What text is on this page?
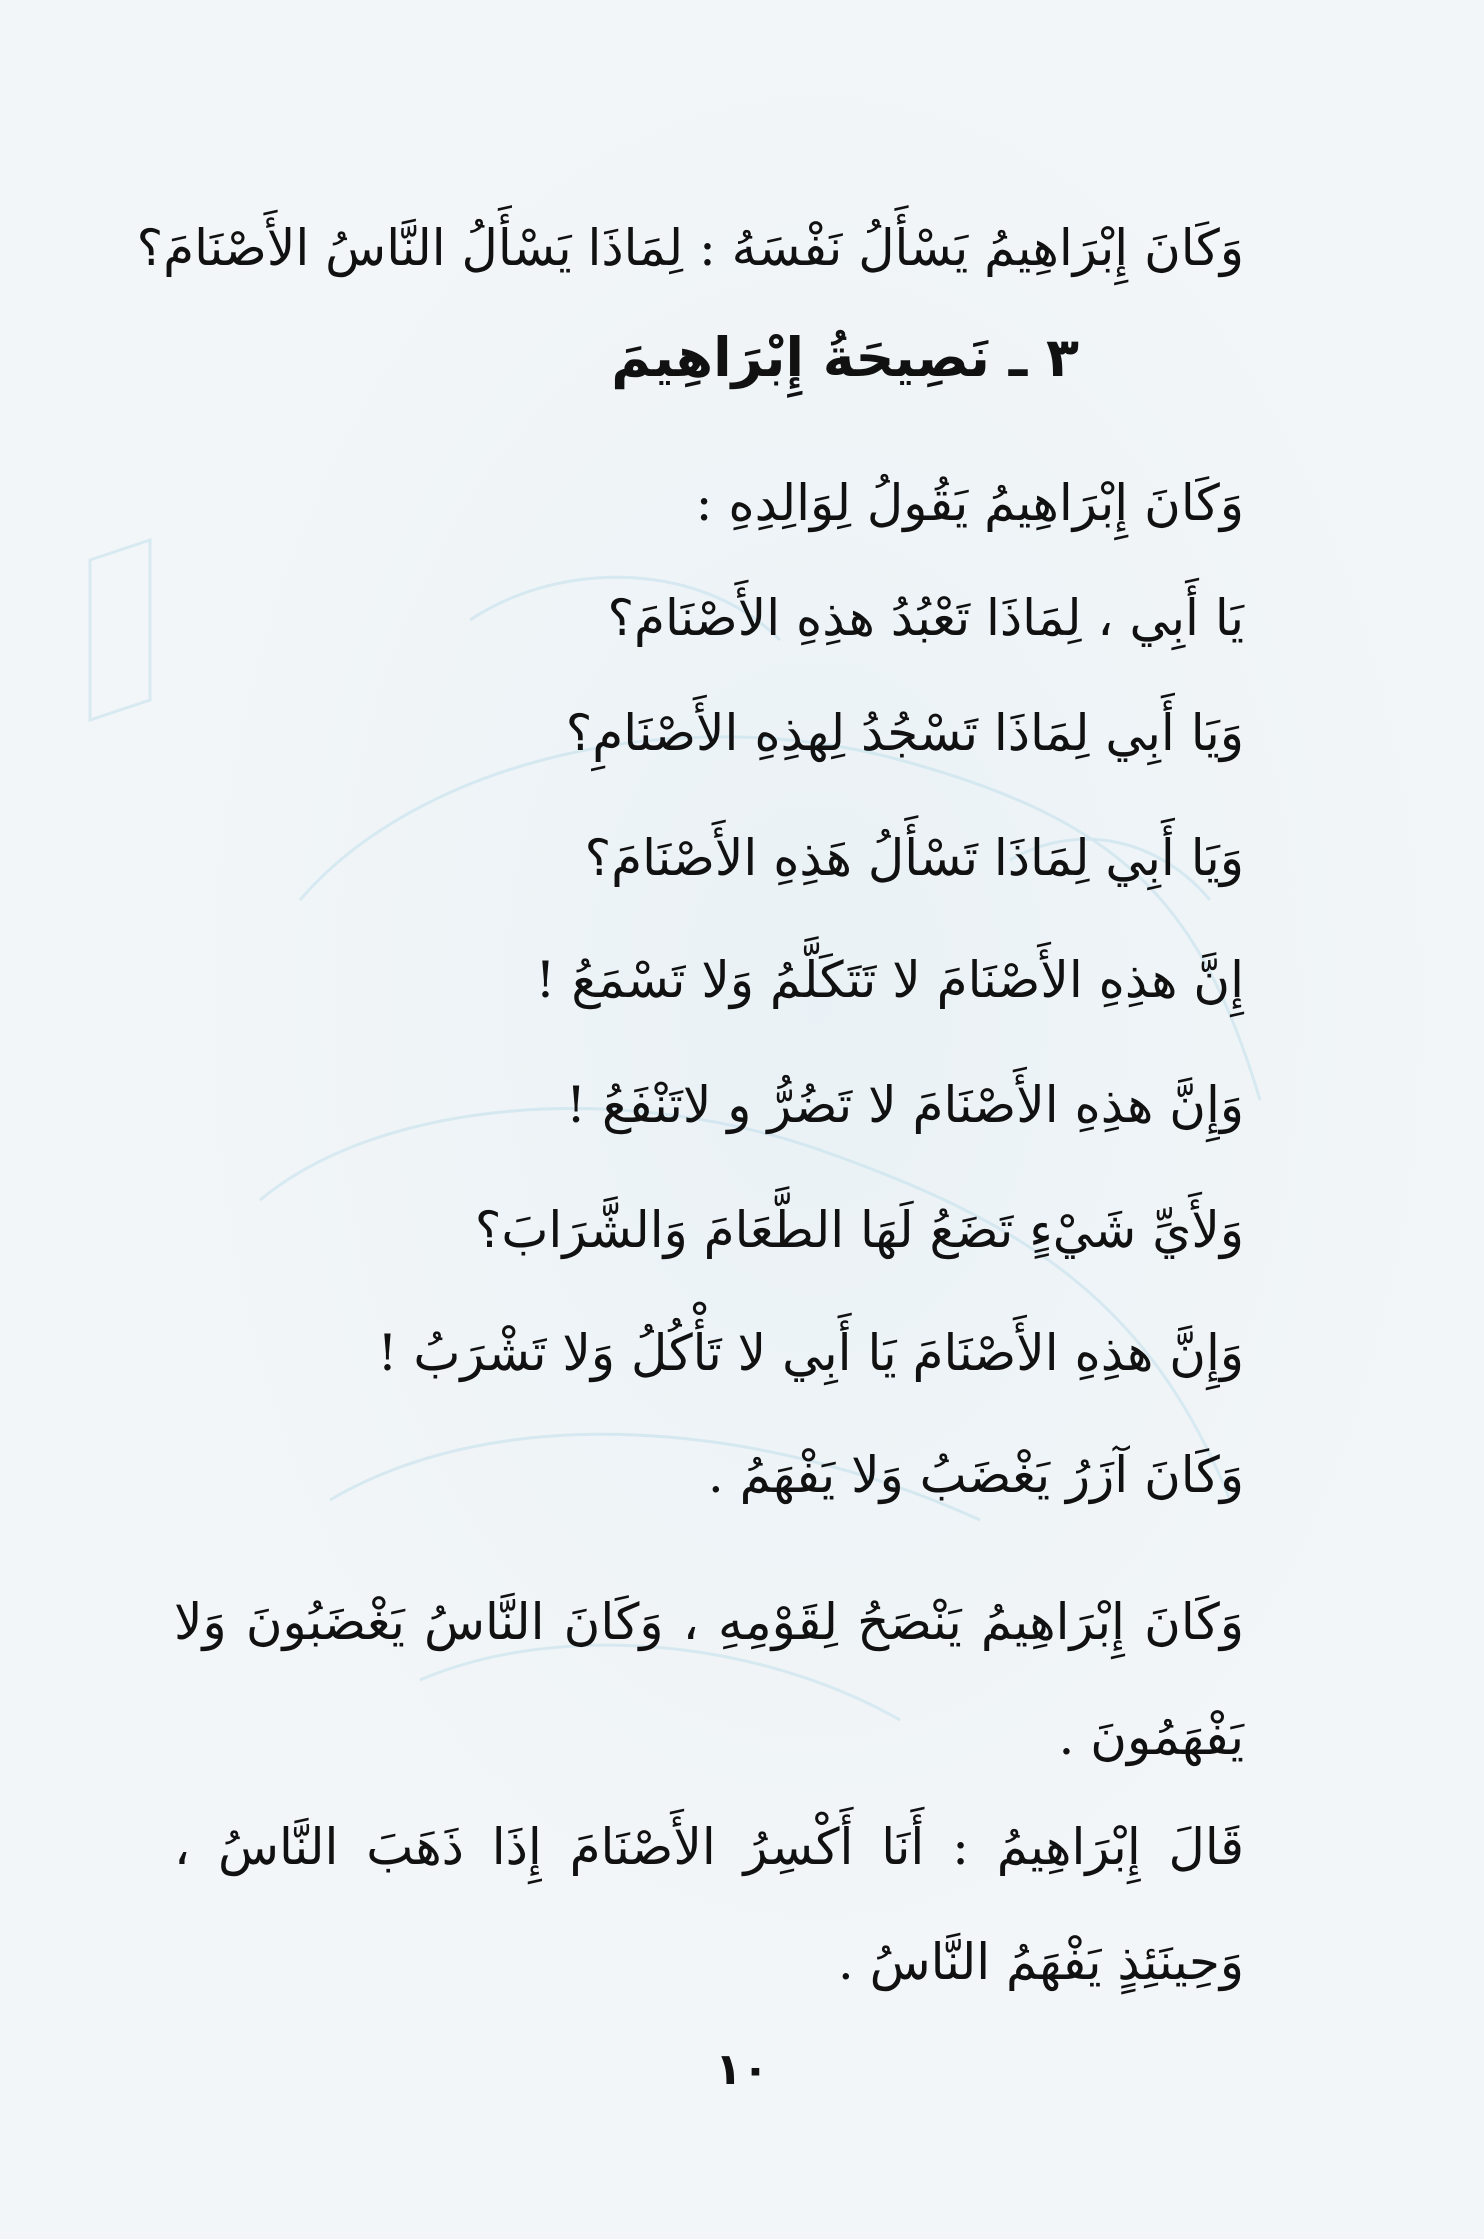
وَكَانَ إِبْرَاهِيمُ يَسْأَلُ نَفْسَهُ : لِمَاذَا يَسْأَلُ النَّاسُ الأَصْنَامَ؟
٣ ـ نَصِيحَةُ إِبْرَاهِيمَ
وَكَانَ إِبْرَاهِيمُ يَقُولُ لِوَالِدِهِ :
يَا أَبِي ، لِمَاذَا تَعْبُدُ هذِهِ الأَصْنَامَ؟
وَيَا أَبِي لِمَاذَا تَسْجُدُ لِهذِهِ الأَصْنَامِ؟
وَيَا أَبِي لِمَاذَا تَسْأَلُ هَذِهِ الأَصْنَامَ؟
إِنَّ هذِهِ الأَصْنَامَ لا تَتَكَلَّمُ وَلا تَسْمَعُ !
وَإِنَّ هذِهِ الأَصْنَامَ لا تَضُرُّ و لاتَنْفَعُ !
وَلأَيِّ شَيْءٍ تَضَعُ لَهَا الطَّعَامَ وَالشَّرَابَ؟
وَإِنَّ هذِهِ الأَصْنَامَ يَا أَبِي لا تَأْكُلُ وَلا تَشْرَبُ !
وَكَانَ آزَرُ يَغْضَبُ وَلا يَفْهَمُ .
وَكَانَ إِبْرَاهِيمُ يَنْصَحُ لِقَوْمِهِ ، وَكَانَ النَّاسُ يَغْضَبُونَ وَلا يَفْهَمُونَ .
قَالَ إِبْرَاهِيمُ : أَنَا أَكْسِرُ الأَصْنَامَ إِذَا ذَهَبَ النَّاسُ ، وَحِينَئِذٍ يَفْهَمُ النَّاسُ .
١٠
